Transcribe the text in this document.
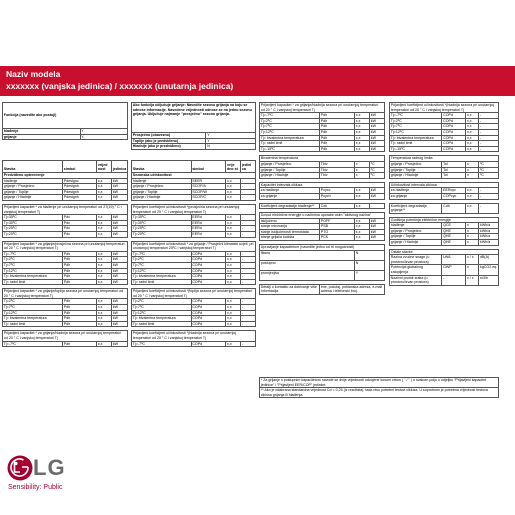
Naziv modela
xxxxxxx (vanjska jedinica) / xxxxxxx (unutarnja jedinica)
Funkcija (navedite ako postoji)	
hlađenje	Y
grijanje	Y
Stavka	simbol	vrijed nost	jedinica
Predviđeno opterećenje			
hlađenje	Pdesignc	x,x	kW
grijanje / Prosječno	Pdesignh	x,x	kW
grijanje / Toplije	Pdesignh	x,x	kW
grijanje / Hladnije	Pdesignh	x,x	kW

Prijavljeni kapacitet * za hlađenje pri unutarnjoj temperaturi od 27(19) ° C i vanjskoj temperaturi Tj			
Tj=35ºC	Pdc	x,x	kW
Tj=30ºC	Pdc	x,x	kW
Tj=25ºC	Pdc	x,x	kW
Tj=20ºC	Pdc	x,x	kW

Prijavljeni kapacitet * za grijanje/prosječna sezona pri unutarnjoj temperaturi od 20 ° C i vanjskoj temperaturi Tj			
Tj=-7ºC	Pdh	x,x	kW
Tj=2ºC	Pdh	x,x	kW
Tj=7ºC	Pdh	x,x	kW
Tj=12ºC	Pdh	x,x	kW
Tj= bivalentna temperatura	Pdh	x,x	kW
Tj= radni limit	Pdh	x,x	kW

Prijavljeni kapacitet * za grijanje/toplija sezona pri unutarnjoj temperaturi od 20 ° C i vanjskoj temperaturi Tj			
Tj=2ºC	Pdh	x,x	kW
Tj=7ºC	Pdh	x,x	kW
Tj=12ºC	Pdh	x,x	kW
Tj= bivalentna temperatura	Pdh	x,x	kW
Tj= radni limit	Pdh	x,x	kW

Prijavljeni kapacitet * za grijanje/hladnija sezona pri unutarnjoj temperaturi od 20 ° C i vanjskoj temperaturi Tj			
Tj=-7ºC	Pdh	x,x	kW
Ako funkcija uključuje grijanje: Navedite sezonu grijanja na koju se odnose informacije. Navedene vrijednosti odnose se na jednu sezonu grijanja. Uključuje najmanje "prosječnu" sezonu grijanja.	
Prosječno (obavezno)	Y
Toplije (ako je predviđeno)	Y
Hladnije (ako je predviđeno)	N
Stavka	simbol	vrije dno st	jedini ca
Sezonska učinkovitost			
hlađenje	SEER	x,x	-
grijanje / Prosječno	SCOP/A	x,x	-
grijanje / Toplije	SCOP/W	x,x	-
grijanje / Hladnije	SCOP/C	x,x	-

Prijavljeni koeficijent učinkovitosti *(prosječna sezona pri unutarnjoj temperaturi od 20 ° C i vanjskoj temperaturi Tj			
Tj=35ºC	EERd	x,x	-
Tj=30ºC	EERd	x,x	-
Tj=25ºC	EERd	x,x	-
Tj=20ºC	EERd	x,x	-

Prijavljeni koeficijent učinkovitosti * za grijanje / Prosječni klimatski uvjeti, pri unutarnjoj temperaturi 20ºC i vanjskoj temperaturi Tj			
Tj=-7ºC	COPd	x,x	-
Tj=2ºC	COPd	x,x	-
Tj=7ºC	COPd	x,x	-
Tj=12ºC	COPd	x,x	-
Tj= bivalentna temperatura	COPd	x,x	-
Tj= radni limit	COPd	x,x	-

Prijavljeni koeficijent učinkovitosti *(toplija sezona pri unutarnjoj temperaturi od 20 ° C i vanjskoj temperaturi Tj			
Tj=2ºC	COPd	x,x	-
Tj=7ºC	COPd	x,x	-
Tj=12ºC	COPd	x,x	-
Tj= bivalentna temperatura	COPd	x,x	-
Tj= radni limit	COPd	x,x	-

Prijavljeni koeficijent učinkovitosti *(hladnija sezona pri unutarnjoj temperaturi od 20 ° C i vanjskoj temperaturi Tj			
Tj=-7ºC	COPd	x,x	-
Prijavljeni kapacitet * za grijanje/hladnija sezona pri unutarnjoj temperaturi od 20 ° C i vanjskoj temperaturi Tj			
Tj=-7ºC	Pdh	x,x	kW
Tj=2ºC	Pdh	x,x	kW
Tj=7ºC	Pdh	x,x	kW
Tj=12ºC	Pdh	x,x	kW
Tj= bivalentna temperatura	Pdh	x,x	kW
Tj= radni limit	Pdh	x,x	kW
Tj=-15ºC	Pdh	x,x	kW

Bivalentna temperatura			
grijanje / Prosječno	Tbiv	x	ºC
grijanje / Toplije	Tbiv	x	ºC
grijanje / Hladnije	Tbiv	x	ºC

Kapacitet intervala ciklusa			
za hlađenje	Pcycc	x,x	kW
za grijanje	Pcych	x,x	kW

Koeficijent degradacije hlađenja**	Cdc	x,x	-

Dovod električne energije u načinima uporabe osim "aktivnog načina"			
isključeno	POFF	x,x	kW
stanje mirovanja	PSB	x,x	kW
stanje isključenosti termostata	PTO	x,x	kW
stanje grijača kućišta	PCK	x,x	kW

Upravljanje kapacitetom (navedite jednu od tri mogućnosti)			
fiksno		N	
postupno		N	
promjenjivo		Y	

Detalji o kontaktu za dobivanje više informacija	ime, položaj, poštanska adresa, e-mail adresa i telefonski broj.		
Prijavljeni koeficijent učinkovitosti *(hladnija sezona pri unutarnjoj temperaturi od 20 ° C i vanjskoj temperaturi Tj			
Tj=-7ºC	COPd	x,x	-
Tj=2ºC	COPd	x,x	-
Tj=7ºC	COPd	x,x	-
Tj=12ºC	COPd	x,x	-
Tj= bivalentna temperatura	COPd	x,x	-
Tj= radni limit	COPd	x,x	-
Tj=-15ºC	COPd	x,x	-

Temperatura radnog limita			
grijanje / Prosječno	Tol	x	ºC
grijanje / Toplije	Tol	x	ºC
grijanje / Hladnije	Tol	x	ºC

Učinkovitost intervala ciklusa			
za hlađenje	EERcyc	x,x	-
za grijanje	COPcyc	x,x	-

Koeficijent degradacije grijanja**	Cdh	x,x	-

Godišnja potrošnja električne energije			
hlađenje	QCE	x	kWh/a
grijanje / Prosječno	QHE	x	kWh/a
grijanje / Toplije	QHE	x	kWh/a
grijanje / Hladnije	QHE	x	kWh/a

Ostale stavke			
Razina zvučne snage (u prostoru/izvan prostora)	LWA	x / x	dB(A)
Potencijal globalnog zatopljenja	GWP	x	kgCO2 eq.
Nazivni protok zraka (u prostoru/izvan prostora)	-	x / x	m3/h
LG
Sensibility: Public
* Za grijanje s postupnim kapacitetom navode se dvije vrijednosti odvojene kosom crtom ( " / " ) u svakom polju u odjeljku "Prijavljeni kapacitet jedinice" i "Prijavljeni EER/COP" jedinice.
** Ako je odabrana standardna vrijednost Cd = 0,25 (iz rezultata), tada nisu potrebni testovi ciklusa. U suprotnom je potrebna vrijednost testova ciklusa grijanja ili hlađenja.
